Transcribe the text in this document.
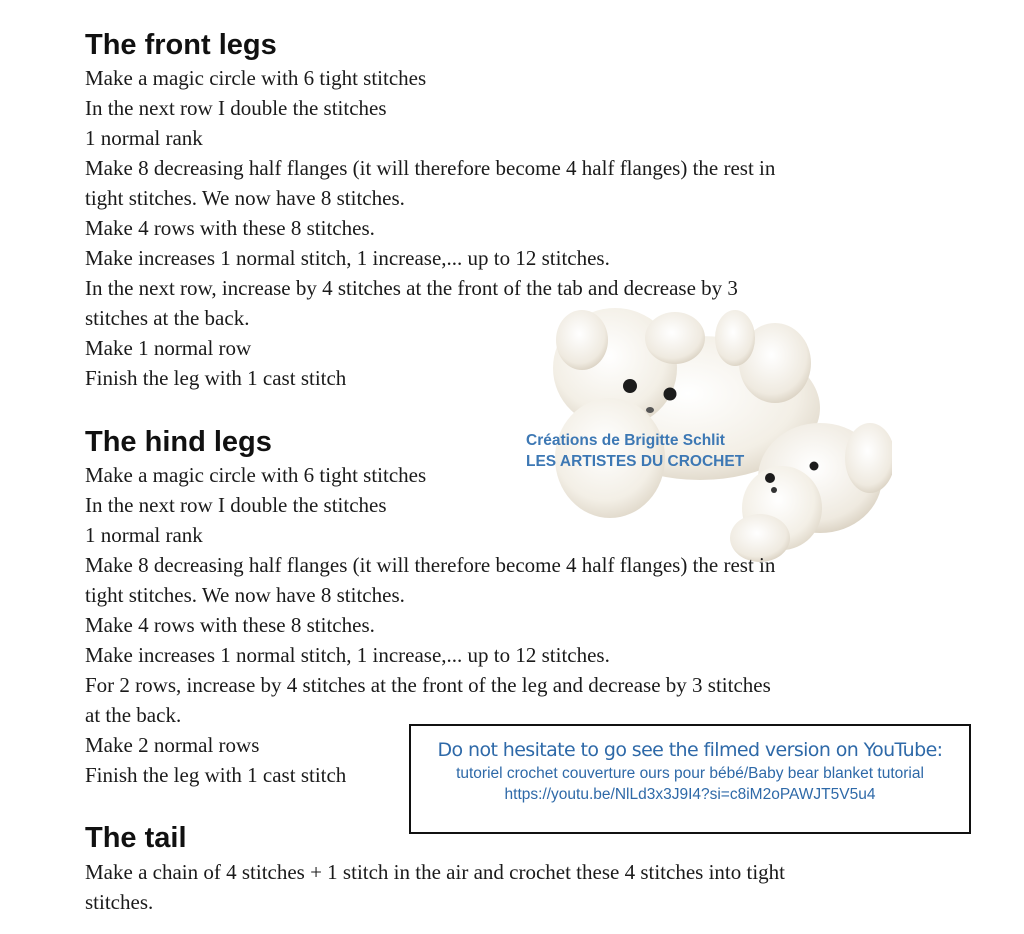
The front legs

Make a magic circle with 6 tight stitches

In the next row I double the stitches

1 normal rank

Make 8 decreasing half flanges (it will therefore become 4 half flanges) the rest in

tight stitches. We now have 8 stitches.

Make 4 rows with these 8 stitches.

Make increases 1 normal stitch, 1 increase,... up to 12 stitches.

In the next row, increase by 4 stitches at the front of the tab and decrease by 3

stitches at the back.

Make 1 normal row

Finish the leg with 1 cast stitch

Créations de Brigitte Schlit
LES ARTISTES DU CROCHET
The hind legs

Make a magic circle with 6 tight stitches

In the next row I double the stitches

1 normal rank

Make 8 decreasing half flanges (it will therefore become 4 half flanges) the rest in

tight stitches. We now have 8 stitches.

Make 4 rows with these 8 stitches.

Make increases 1 normal stitch, 1 increase,... up to 12 stitches.

For 2 rows, increase by 4 stitches at the front of the leg and decrease by 3 stitches

at the back.

Make 2 normal rows

Finish the leg with 1 cast stitch

Do not hesitate to go see the filmed version on YouTube:
tutoriel crochet couverture ours pour bébé/Baby bear blanket tutorial
https://youtu.be/NlLd3x3J9I4?si=c8iM2oPAWJT5V5u4
The tail

Make a chain of 4 stitches + 1 stitch in the air and crochet these 4 stitches into tight

stitches.
